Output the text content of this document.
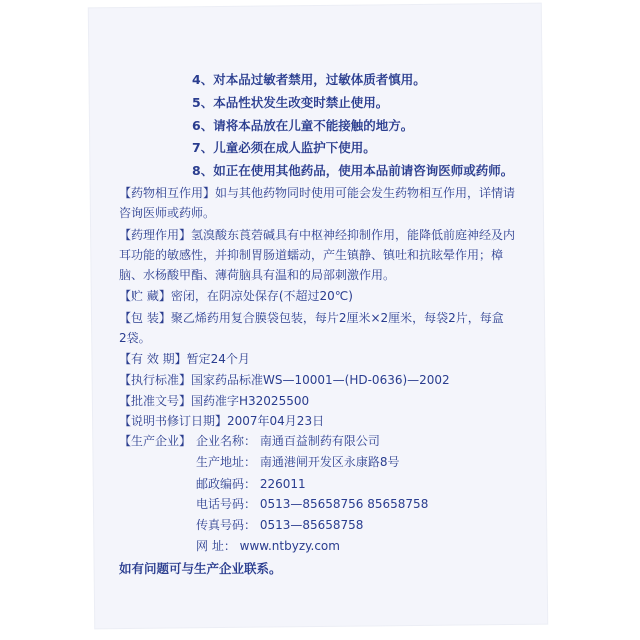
4、对本品过敏者禁用，过敏体质者慎用。
5、本品性状发生改变时禁止使用。
6、请将本品放在儿童不能接触的地方。
7、儿童必须在成人监护下使用。
8、如正在使用其他药品，使用本品前请咨询医师或药师。
【药物相互作用】如与其他药物同时使用可能会发生药物相互作用，详情请
咨询医师或药师。
【药理作用】氢溴酸东莨菪碱具有中枢神经抑制作用，能降低前庭神经及内
耳功能的敏感性，并抑制胃肠道蠕动，产生镇静、镇吐和抗眩晕作用；樟
脑、水杨酸甲酯、薄荷脑具有温和的局部刺激作用。
【贮 藏】密闭，在阴凉处保存(不超过20℃)
【包 装】聚乙烯药用复合膜袋包装，每片2厘米×2厘米，每袋2片，每盒
2袋。
【有 效 期】暂定24个月
【执行标准】国家药品标准WS—10001—(HD-0636)—2002
【批准文号】国药准字H32025500
【说明书修订日期】2007年04月23日
【生产企业】 企业名称： 南通百益制药有限公司
生产地址： 南通港闸开发区永康路8号
邮政编码： 226011
电话号码： 0513—85658756 85658758
传真号码： 0513—85658758
网 址： www.ntbyzy.com
如有问题可与生产企业联系。
